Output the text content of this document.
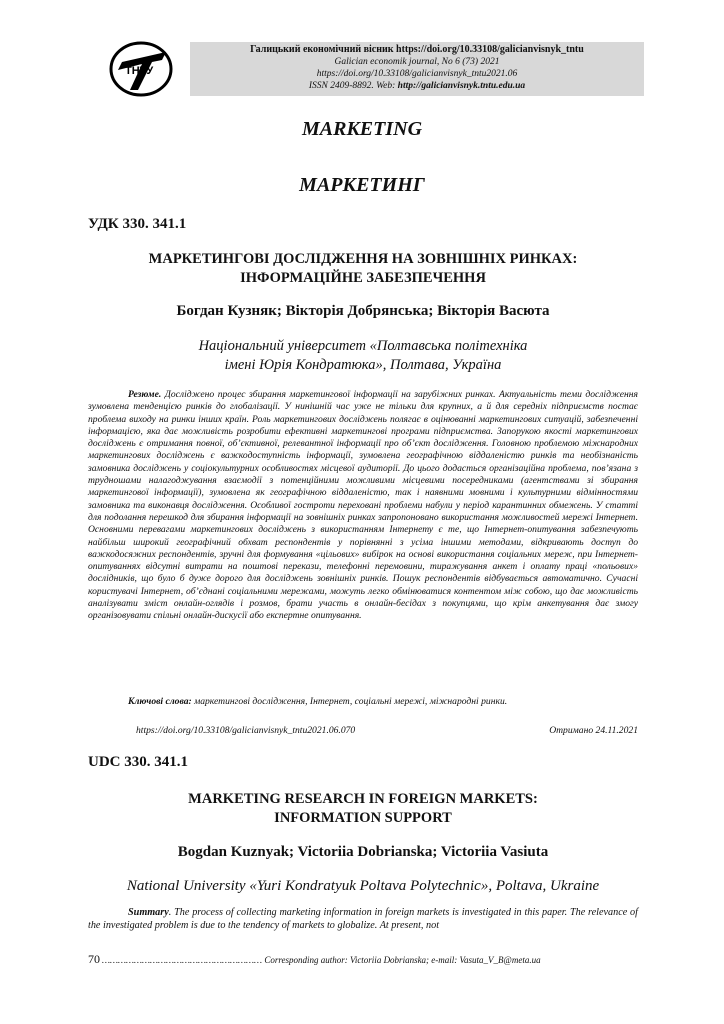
ТНТУ
Галицький економічний вісник https://doi.org/10.33108/galicianvisnyk_tntu
Galician economik journal, No 6 (73) 2021
https://doi.org/10.33108/galicianvisnyk_tntu2021.06
ISSN 2409-8892. Web: http://galicianvisnyk.tntu.edu.ua
MARKETING
МАРКЕТИНГ
УДК 330. 341.1
МАРКЕТИНГОВІ ДОСЛІДЖЕННЯ НА ЗОВНІШНІХ РИНКАХ:
ІНФОРМАЦІЙНЕ ЗАБЕЗПЕЧЕННЯ
Богдан Кузняк; Вікторія Добрянська; Вікторія Васюта
Національний університет «Полтавська політехніка
імені Юрія Кондратюка», Полтава, Україна
Резюме. Досліджено процес збирання маркетингової інформації на зарубіжних ринках. Актуальність теми дослідження зумовлена тенденцією ринків до глобалізації. У нинішній час уже не тільки для крупних, а й для середніх підприємств постає проблема виходу на ринки інших країн. Роль маркетингових досліджень полягає в оцінюванні маркетингових ситуацій, забезпеченні інформацією, яка дає можливість розробити ефективні маркетингові програми підприємства. Запорукою якості маркетингових досліджень є отримання повної, об’єктивної, релевантної інформації про об’єкт дослідження. Головною проблемою міжнародних маркетингових досліджень є важкодоступність інформації, зумовлена географічною віддаленістю ринків та необізнаність замовника досліджень у соціокультурних особливостях місцевої аудиторії. До цього додасться організаційна проблема, пов’язана з трудношами налагоджування взаємодії з потенційними можливими місцевими посередниками (агентствами зі збирання маркетингової інформації), зумовлена як географічною віддаленістю, так і наявними мовними і культурними відмінностями замовника та виконавця дослідження. Особливої гостроти переховані проблеми набули у період карантинних обмежень. У статті для подолання перешкод для збирання інформації на зовнішніх ринках запропоновано використання можливостей мережі Інтернет. Основними перевагами маркетингових досліджень з використанням Інтернету є те, що Інтернет-опитування забезпечують найбільш широкий географічний обхват респондентів у порівнянні з усіма іншими методами, відкривають доступ до важкодосяжних респондентів, зручні для формування «цільових» вибірок на основі використання соціальних мереж, при Інтернет-опитуваннях відсутні витрати на поштові перекази, телефонні перемовини, тиражування анкет і оплату праці «польових» дослідників, що було б дуже дорого для досліджень зовнішніх ринків. Пошук респондентів відбувається автоматично. Сучасні користувачі Інтернет, об’єднані соціальними мережами, можуть легко обмінюватися контентом між собою, що дає можливість аналізувати зміст онлайн-оглядів і розмов, брати участь в онлайн-бесідах з покупцями, що крім анкетування дає змогу організовувати спільні онлайн-дискусії або експертне опитування.
Ключові слова: маркетингові дослідження, Інтернет, соціальні мережі, міжнародні ринки.
https://doi.org/10.33108/galicianvisnyk_tntu2021.06.070	Отримано 24.11.2021
UDC 330. 341.1
MARKETING RESEARCH IN FOREIGN MARKETS:
INFORMATION SUPPORT
Bogdan Kuznyak; Victoriia Dobrianska; Victoriia Vasiuta
National University «Yuri Kondratyuk Poltava Polytechnic», Poltava, Ukraine
Summary. The process of collecting marketing information in foreign markets is investigated in this paper. The relevance of the investigated problem is due to the tendency of markets to globalize. At present, not
70 …………………………………………………… Corresponding author: Victoriia Dobrianska; e-mail: Vasuta_V_B@meta.ua
